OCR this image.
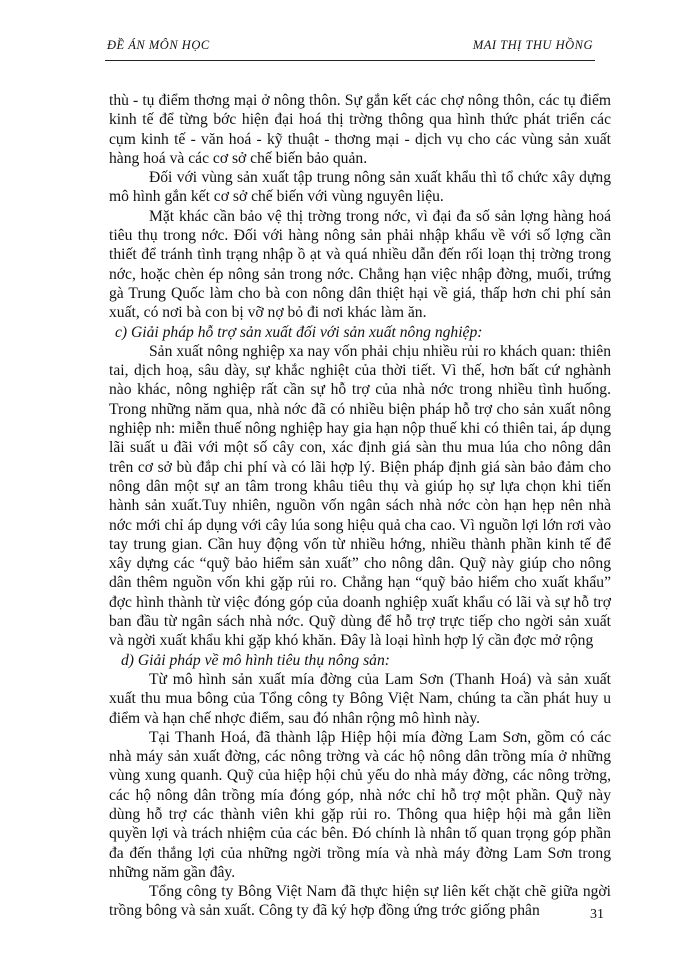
ĐỀ ÁN MÔN HỌC	MAI THỊ THU HỒNG

thù - tụ điểm thơng mại ở nông thôn. Sự gắn kết các chợ nông thôn, các tụ điểm kinh tế để từng bớc hiện đại hoá thị trờng thông qua hình thức phát triển các cụm kinh tế - văn hoá - kỹ thuật - thơng mại - dịch vụ cho các vùng sản xuất hàng hoá và các cơ sở chế biến bảo quản.

Đối với vùng sản xuất tập trung nông sản xuất khẩu thì tổ chức xây dựng mô hình gắn kết cơ sở chế biến với vùng nguyên liệu.

Mặt khác cần bảo vệ thị trờng trong nớc, vì đại đa số sản lợng hàng hoá tiêu thụ trong nớc. Đối với hàng nông sản phải nhập khẩu về với số lợng cần thiết để tránh tình trạng nhập ồ ạt và quá nhiều dẫn đến rối loạn thị trờng trong nớc, hoặc chèn ép nông sản trong nớc. Chẳng hạn việc nhập đờng, muối, trứng gà Trung Quốc làm cho bà con nông dân thiệt hại về giá, thấp hơn chi phí sản xuất, có nơi bà con bị vỡ nợ bỏ đi nơi khác làm ăn.

c) Giải pháp hỗ trợ sản xuất đối với sản xuất nông nghiệp:

Sản xuất nông nghiệp xa nay vốn phải chịu nhiều rủi ro khách quan: thiên tai, dịch hoạ, sâu dày, sự khắc nghiệt của thời tiết. Vì thế, hơn bất cứ nghành nào khác, nông nghiệp rất cần sự hỗ trợ của nhà nớc trong nhiều tình huống. Trong những năm qua, nhà nớc đã có nhiều biện pháp hỗ trợ cho sản xuất nông nghiệp nh: miễn thuế nông nghiệp hay gia hạn nộp thuế khi có thiên tai, áp dụng lãi suất u đãi với một số cây con, xác định giá sàn thu mua lúa cho nông dân trên cơ sở bù đắp chi phí và có lãi hợp lý. Biện pháp định giá sàn bảo đảm cho nông dân một sự an tâm trong khâu tiêu thụ và giúp họ sự lựa chọn khi tiến hành sản xuất.Tuy nhiên, nguồn vốn ngân sách nhà nớc còn hạn hẹp nên nhà nớc mới chỉ áp dụng với cây lúa song hiệu quả cha cao. Vì nguồn lợi lớn rơi vào tay trung gian. Cần huy động vốn từ nhiều hớng, nhiều thành phần kinh tế để xây dựng các “quỹ bảo hiểm sản xuất” cho nông dân. Quỹ này giúp cho nông dân thêm nguồn vốn khi gặp rủi ro. Chẳng hạn “quỹ bảo hiểm cho xuất khẩu” đợc hình thành từ việc đóng góp của doanh nghiệp xuất khẩu có lãi và sự hỗ trợ ban đầu từ ngân sách nhà nớc. Quỹ dùng để hỗ trợ trực tiếp cho ngời sản xuất và ngời xuất khẩu khi gặp khó khăn. Đây là loại hình hợp lý cần đợc mở rộng

d) Giải pháp về mô hình tiêu thụ nông sản:

Từ mô hình sản xuất mía đờng của Lam Sơn (Thanh Hoá) và sản xuất xuất thu mua bông của Tổng công ty Bông Việt Nam, chúng ta cần phát huy u điểm và hạn chế nhợc điểm, sau đó nhân rộng mô hình này.

Tại Thanh Hoá, đã thành lập Hiệp hội mía đờng Lam Sơn, gồm có các nhà máy sản xuất đờng, các nông trờng và các hộ nông dân trồng mía ở những vùng xung quanh. Quỹ của hiệp hội chủ yếu do nhà máy đờng, các nông trờng, các hộ nông dân trồng mía đóng góp, nhà nớc chỉ hỗ trợ một phần. Quỹ này dùng hỗ trợ các thành viên khi gặp rủi ro. Thông qua hiệp hội mà gắn liền quyền lợi và trách nhiệm của các bên. Đó chính là nhân tố quan trọng góp phần đa đến thắng lợi của những ngời trồng mía và nhà máy đờng Lam Sơn trong những năm gần đây.

Tổng công ty Bông Việt Nam đã thực hiện sự liên kết chặt chẽ giữa ngời trồng bông và sản xuất. Công ty đã ký hợp đồng ứng trớc giống phân	31
